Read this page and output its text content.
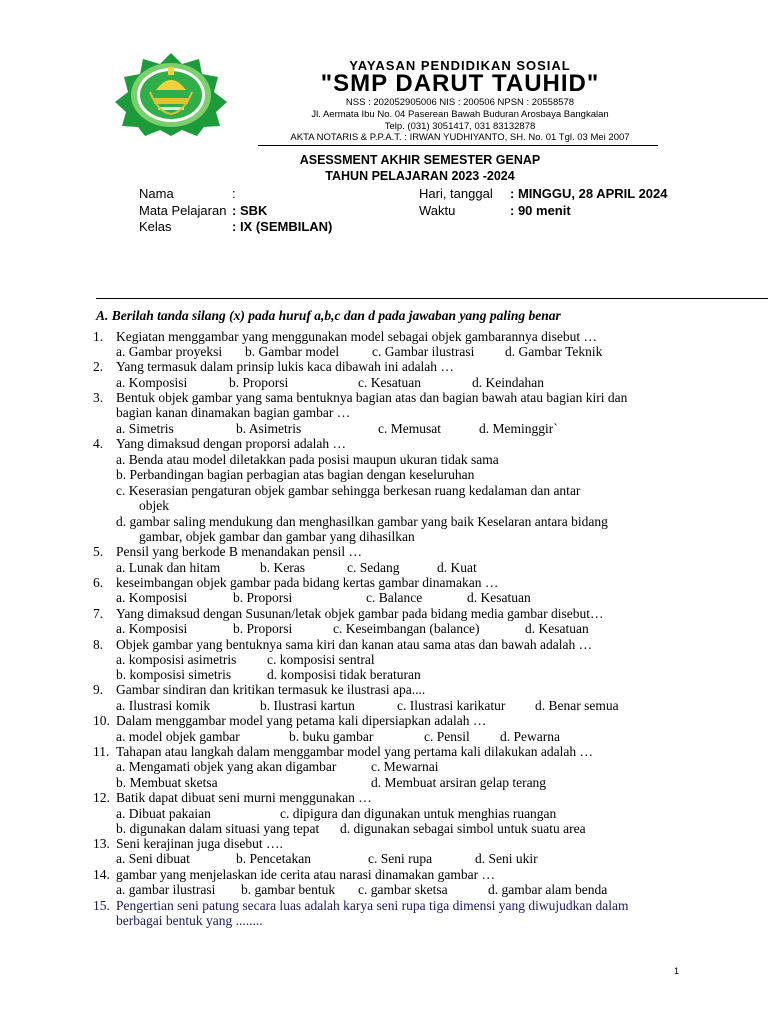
YAYASAN PENDIDIKAN SOSIAL
"SMP DARUT TAUHID"
NSS : 202052905006 NIS : 200506 NPSN : 20558578
Jl. Aermata Ibu No. 04 Paserean Bawah Buduran Arosbaya Bangkalan
Telp. (031) 3051417, 031 83132878
AKTA NOTARIS & P.P.A.T. : IRWAN YUDHIYANTO, SH. No. 01 Tgl. 03 Mei 2007
ASESSMENT AKHIR SEMESTER GENAP
TAHUN PELAJARAN 2023 -2024
Nama	:
Mata Pelajaran : SBK
Kelas	: IX (SEMBILAN)
Hari, tanggal : MINGGU, 28 APRIL 2024
Waktu	: 90 menit
A. Berilah tanda silang (x) pada huruf a,b,c dan d pada jawaban yang paling benar
1. Kegiatan menggambar yang menggunakan model sebagai objek gambarannya disebut …
a. Gambar proyeksi b. Gambar model c. Gambar ilustrasi d. Gambar Teknik
2. Yang termasuk dalam prinsip lukis kaca dibawah ini adalah …
a. Komposisi	b. Proporsi	c. Kesatuan	d. Keindahan
3. Bentuk objek gambar yang sama bentuknya bagian atas dan bagian bawah atau bagian kiri dan
bagian kanan dinamakan bagian gambar …
a. Simetris	b. Asimetris	c. Memusat	d. Meminggir`
4. Yang dimaksud dengan proporsi adalah …
a. Benda atau model diletakkan pada posisi maupun ukuran tidak sama
b. Perbandingan bagian perbagian atas bagian dengan keseluruhan
c. Keserasian pengaturan objek gambar sehingga berkesan ruang kedalaman dan antar
objek
d. gambar saling mendukung dan menghasilkan gambar yang baik Keselaran antara bidang
gambar, objek gambar dan gambar yang dihasilkan
5. Pensil yang berkode B menandakan pensil …
a. Lunak dan hitam	b. Keras	c. Sedang	d. Kuat
6. keseimbangan objek gambar pada bidang kertas gambar dinamakan …
a. Komposisi	b. Proporsi	c. Balance	d. Kesatuan
7. Yang dimaksud dengan Susunan/letak objek gambar pada bidang media gambar disebut…
a. Komposisi	b. Proporsi	c. Keseimbangan (balance)	d. Kesatuan
8. Objek gambar yang bentuknya sama kiri dan kanan atau sama atas dan bawah adalah …
a. komposisi asimetris c. komposisi sentral
b. komposisi simetris	d. komposisi tidak beraturan
9. Gambar sindiran dan kritikan termasuk ke ilustrasi apa....
a. Ilustrasi komik	b. Ilustrasi kartun	c. Ilustrasi karikatur d. Benar semua
10. Dalam menggambar model yang petama kali dipersiapkan adalah …
a. model objek gambar	b. buku gambar	c. Pensil d. Pewarna
11. Tahapan atau langkah dalam menggambar model yang pertama kali dilakukan adalah …
a. Mengamati objek yang akan digambar	c. Mewarnai
b. Membuat sketsa	d. Membuat arsiran gelap terang
12. Batik dapat dibuat seni murni menggunakan …
a. Dibuat pakaian	c. dipigura dan digunakan untuk menghias ruangan
b. digunakan dalam situasi yang tepat d. digunakan sebagai simbol untuk suatu area
13. Seni kerajinan juga disebut ….
a. Seni dibuat	b. Pencetakan	c. Seni rupa	d. Seni ukir
14. gambar yang menjelaskan ide cerita atau narasi dinamakan gambar …
a. gambar ilustrasi b. gambar bentuk c. gambar sketsa	d. gambar alam benda
15. Pengertian seni patung secara luas adalah karya seni rupa tiga dimensi yang diwujudkan dalam
berbagai bentuk yang ........
1
